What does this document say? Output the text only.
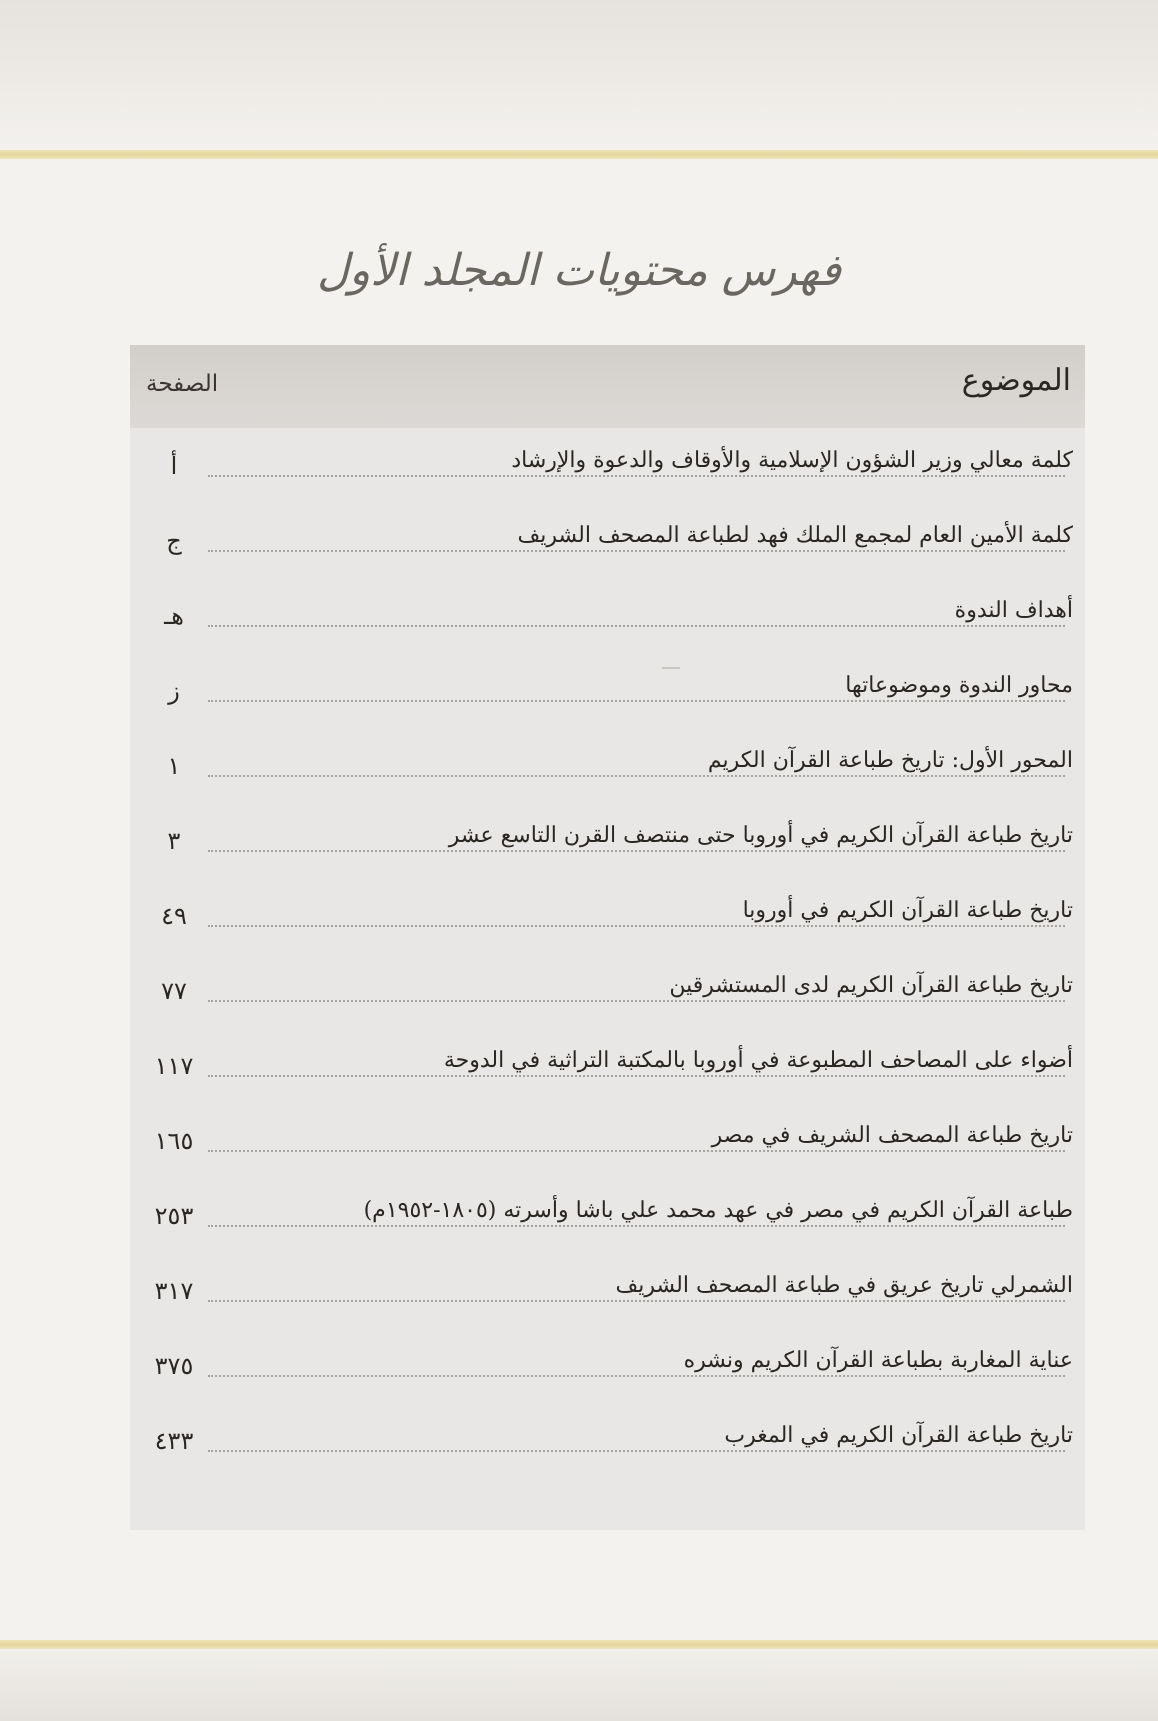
فهرس محتويات المجلد الأول
الموضوع
الصفحة
كلمة معالي وزير الشؤون الإسلامية والأوقاف والدعوة والإرشاد
أ
كلمة الأمين العام لمجمع الملك فهد لطباعة المصحف الشريف
ج
أهداف الندوة
هـ
محاور الندوة وموضوعاتها
ز
المحور الأول: تاريخ طباعة القرآن الكريم
١
تاريخ طباعة القرآن الكريم في أوروبا حتى منتصف القرن التاسع عشر
٣
تاريخ طباعة القرآن الكريم في أوروبا
٤٩
تاريخ طباعة القرآن الكريم لدى المستشرقين
٧٧
أضواء على المصاحف المطبوعة في أوروبا بالمكتبة التراثية في الدوحة
١١٧
تاريخ طباعة المصحف الشريف في مصر
١٦٥
طباعة القرآن الكريم في مصر في عهد محمد علي باشا وأسرته (١٨٠٥-١٩٥٢م)
٢٥٣
الشمرلي تاريخ عريق في طباعة المصحف الشريف
٣١٧
عناية المغاربة بطباعة القرآن الكريم ونشره
٣٧٥
تاريخ طباعة القرآن الكريم في المغرب
٤٣٣
